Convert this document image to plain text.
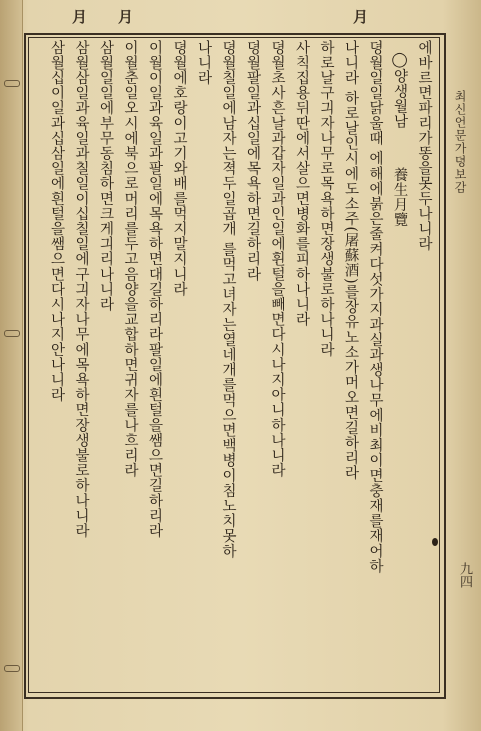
月 月	月
최신언문가뎡보감
九四
에바르면파리가똥을못두나니라
◯양생월남養生月覽
뎡월일일닭울때 에해에붉은줄켜다섯가지과실과생나무에비최이면충재를재어하
나니라 하로날인시에도소주(屠蘇酒)를장유노소가머오면길하리라
하로날구긔자나무로목욕하면장생불로하나니라
사칙집용뒤딴에서살으면병화를피하나니라
뎡월초사흔날과갑자일과인일에휜털을빼면다시나지아니하나니라
뎡월팔일과십일에목욕하면길하리라
뎡월칠일에남자는젹두일곱개 를먹고녀자는열네개를먹으면백병이침노치못하
나니라
뎡월에호랑이고기와배를먹지말지니라
이월이일과육일과팔일에목욕하면대길하리라팔일에흰털을쌤으면길하리라
이월춘일오시에북으로머리를두고음양을교합하면귀자를나흐리라
삼월일일에부무동침하면크게긔리나니라
삼월삼일과육일과칠일이십칠일에구긔자나무에목욕하면장생불로하나니라
삼월십이일과십삼일에흰털을쌤으면다시나지안나니라
